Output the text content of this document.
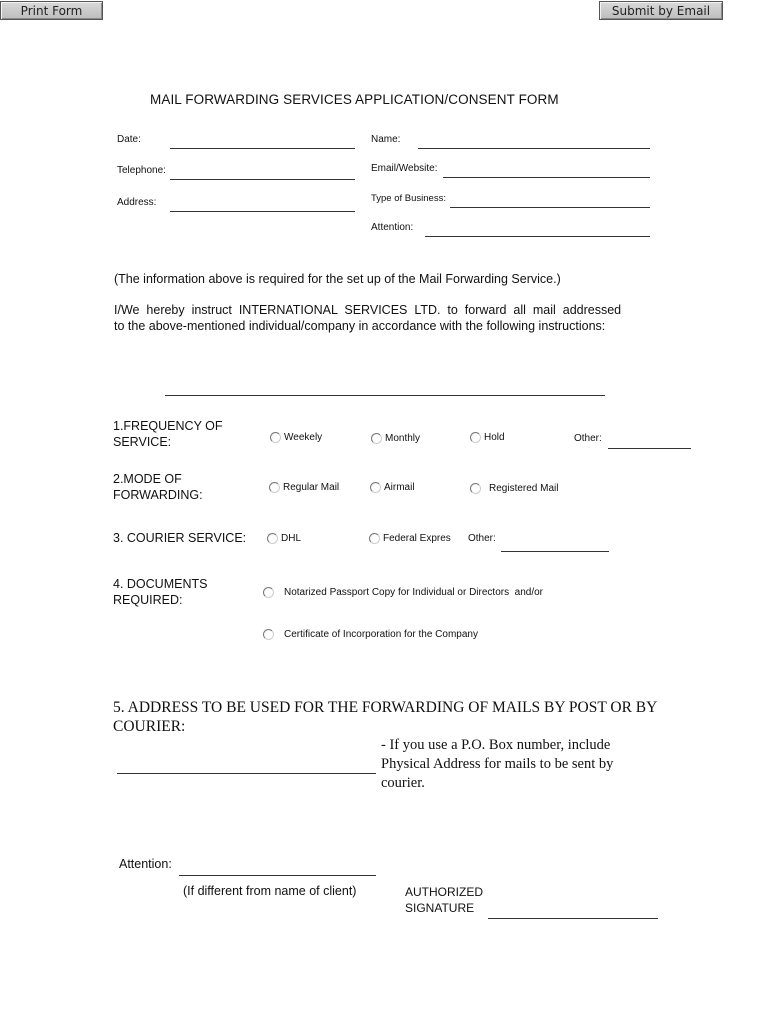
Print Form	Submit by Email
MAIL FORWARDING SERVICES APPLICATION/CONSENT FORM
Date:	Name:
Telephone:	Email/Website:
Address:	Type of Business:
Attention:
(The information above is required for the set up of the Mail Forwarding Service.)
I/We  hereby  instruct  INTERNATIONAL  SERVICES  LTD.  to  forward  all  mail  addressed
to the above-mentioned individual/company in accordance with the following instructions:
1.FREQUENCY OF
SERVICE:	Weekely	Monthly	Hold	Other:
2.MODE OF
FORWARDING:
Regular Mail	Airmail	Registered Mail
3. COURIER SERVICE:	DHL	Federal Expres Other:
4. DOCUMENTS
REQUIRED:
Notarized Passport Copy for Individual or Directors  and/or
Certificate of Incorporation for the Company
5. ADDRESS TO BE USED FOR THE FORWARDING OF MAILS BY POST OR BY
COURIER:
- If you use a P.O. Box number, include
Physical Address for mails to be sent by
courier.
Attention:
(If different from name of client)	AUTHORIZED
SIGNATURE
